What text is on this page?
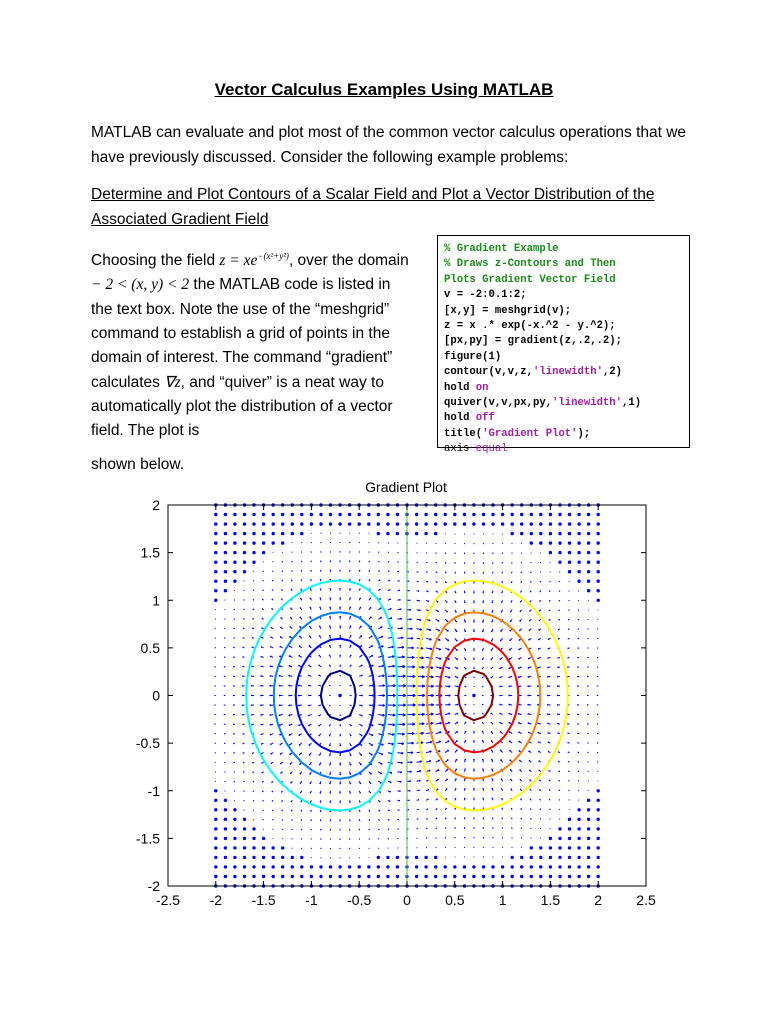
Vector Calculus Examples Using MATLAB
MATLAB can evaluate and plot most of the common vector calculus operations that we have previously discussed. Consider the following example problems:
Determine and Plot Contours of a Scalar Field and Plot a Vector Distribution of the Associated Gradient Field
Choosing the field $z = xe^{-(x^2+y^2)}$, over the domain − 2 < (x, y) < 2 the MATLAB code is listed in the text box. Note the use of the “meshgrid” command to establish a grid of points in the domain of interest. The command “gradient” calculates ∇z, and “quiver” is a neat way to automatically plot the distribution of a vector field. The plot is
% Gradient Example
% Draws z-Contours and Then
Plots Gradient Vector Field
v = -2:0.1:2;
[x,y] = meshgrid(v);
z = x .* exp(-x.^2 - y.^2);
[px,py] = gradient(z,.2,.2);
figure(1)
contour(v,v,z,'linewidth',2)
hold on
quiver(v,v,px,py,'linewidth',1)
hold off
title('Gradient Plot');
axis equal
shown below.
Gradient Plot
-2.5 -2 -1.5 -1 -0.5 0 0.5 1 1.5 2 2.5
2
1.5
1
0.5
0
-0.5
-1
-1.5
-2
